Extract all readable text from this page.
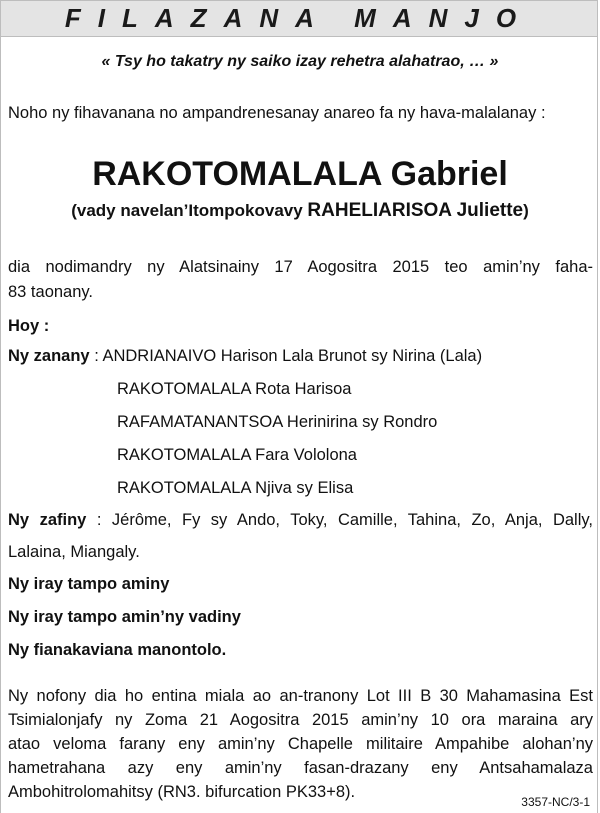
FILAZANA MANJO
« Tsy ho takatry ny saiko izay rehetra alahatrao, … »
Noho ny fihavanana no ampandrenesanay anareo fa ny hava-malalanay :
RAKOTOMALALA Gabriel
(vady navelan’Itompokovavy RAHELIARISOA Juliette)
dia nodimandry ny Alatsinainy 17 Aogositra 2015 teo amin’ny faha-
83 taonany.
Hoy :
Ny zanany : ANDRIANAIVO Harison Lala Brunot sy Nirina (Lala)
RAKOTOMALALA Rota Harisoa
RAFAMATANANTSOA Herinirina sy Rondro
RAKOTOMALALA Fara Vololona
RAKOTOMALALA Njiva sy Elisa
Ny zafiny : Jérôme, Fy sy Ando, Toky, Camille, Tahina, Zo, Anja, Dally,
Lalaina, Miangaly.
Ny iray tampo aminy
Ny iray tampo amin’ny vadiny
Ny fianakaviana manontolo.
Ny nofony dia ho entina miala ao an-tranony Lot III B 30 Mahamasina Est
Tsimialonjafy ny Zoma 21 Aogositra 2015 amin’ny 10 ora maraina ary
atao veloma farany eny amin’ny Chapelle militaire Ampahibe alohan’ny
hametrahana azy eny amin’ny fasan-drazany eny Antsahamalaza
Ambohitrolomahitsy (RN3. bifurcation PK33+8).
3357-NC/3-1
